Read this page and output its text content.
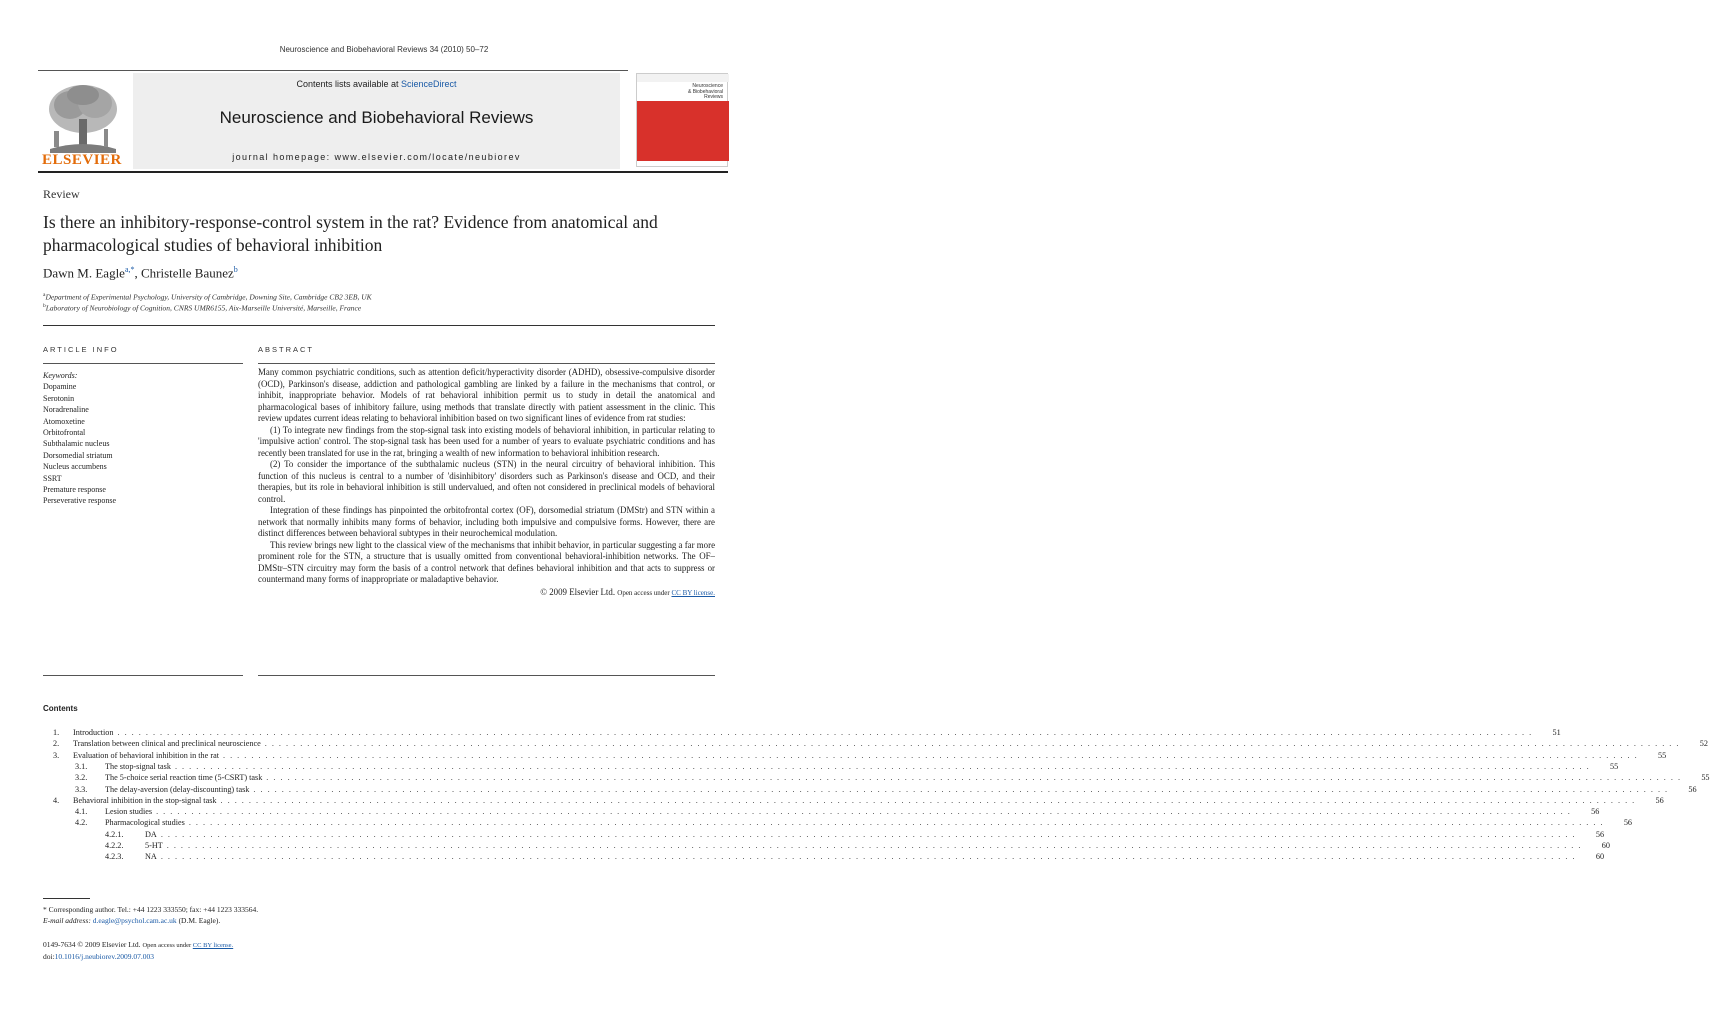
Neuroscience and Biobehavioral Reviews 34 (2010) 50–72
ELSEVIER
Contents lists available at ScienceDirect
Neuroscience and Biobehavioral Reviews
journal homepage: www.elsevier.com/locate/neubiorev
Neuroscience
& Biobehavioral
Reviews
Review
Is there an inhibitory-response-control system in the rat? Evidence from anatomical and pharmacological studies of behavioral inhibition
Dawn M. Eagle$^{a,*}$, Christelle Baunez$^b$
$^a$Department of Experimental Psychology, University of Cambridge, Downing Site, Cambridge CB2 3EB, UK
$^b$Laboratory of Neurobiology of Cognition, CNRS UMR6155, Aix-Marseille Université, Marseille, France
ARTICLE INFO	ABSTRACT
Keywords:
Dopamine
Serotonin
Noradrenaline
Atomoxetine
Orbitofrontal
Subthalamic nucleus
Dorsomedial striatum
Nucleus accumbens
SSRT
Premature response
Perseverative response

Many common psychiatric conditions, such as attention deficit/hyperactivity disorder (ADHD), obsessive-compulsive disorder (OCD), Parkinson's disease, addiction and pathological gambling are linked by a failure in the mechanisms that control, or inhibit, inappropriate behavior. Models of rat behavioral inhibition permit us to study in detail the anatomical and pharmacological bases of inhibitory failure, using methods that translate directly with patient assessment in the clinic. This review updates current ideas relating to behavioral inhibition based on two significant lines of evidence from rat studies:

(1) To integrate new findings from the stop-signal task into existing models of behavioral inhibition, in particular relating to 'impulsive action' control. The stop-signal task has been used for a number of years to evaluate psychiatric conditions and has recently been translated for use in the rat, bringing a wealth of new information to behavioral inhibition research.

(2) To consider the importance of the subthalamic nucleus (STN) in the neural circuitry of behavioral inhibition. This function of this nucleus is central to a number of 'disinhibitory' disorders such as Parkinson's disease and OCD, and their therapies, but its role in behavioral inhibition is still undervalued, and often not considered in preclinical models of behavioral control.

Integration of these findings has pinpointed the orbitofrontal cortex (OF), dorsomedial striatum (DMStr) and STN within a network that normally inhibits many forms of behavior, including both impulsive and compulsive forms. However, there are distinct differences between behavioral subtypes in their neurochemical modulation.

This review brings new light to the classical view of the mechanisms that inhibit behavior, in particular suggesting a far more prominent role for the STN, a structure that is usually omitted from conventional behavioral-inhibition networks. The OF–DMStr–STN circuitry may form the basis of a control network that defines behavioral inhibition and that acts to suppress or countermand many forms of inappropriate or maladaptive behavior.

© 2009 Elsevier Ltd. Open access under CC BY license.
Contents
1.	Introduction . . . . . . . . . . . . . . . . . . . . . . . . . . . . . . . . . . . . . . . . . . . . . . . . . . . . . . . . . . . . . . . . . . . . . . . . . . . . . . . . . . . . . . . . . . . . . . . . . . . . . . . . . . . . . . . . . . . . . . . . . . . . . . . . . . . . . . . . . . . . . . . . . . . . . . . . . . . . . . . . . . . . . . . . . . . . . . . . . . . . . . . . . . . . . . . . . . . . . . . .	51
2.	Translation between clinical and preclinical neuroscience . . . . . . . . . . . . . . . . . . . . . . . . . . . . . . . . . . . . . . . . . . . . . . . . . . . . . . . . . . . . . . . . . . . . . . . . . . . . . . . . . . . . . . . . . . . . . . . . . . . . . . . . . . . . . . . . . . . . . . . . . . . . . . . . . . . . . . . . . . . . . . . . . . . . . . . . . . . . . . . . . . . . . . . . . . . . . . . . . . . . . . . . . . . . . . . . . . . . . . . .	52
3.	Evaluation of behavioral inhibition in the rat . . . . . . . . . . . . . . . . . . . . . . . . . . . . . . . . . . . . . . . . . . . . . . . . . . . . . . . . . . . . . . . . . . . . . . . . . . . . . . . . . . . . . . . . . . . . . . . . . . . . . . . . . . . . . . . . . . . . . . . . . . . . . . . . . . . . . . . . . . . . . . . . . . . . . . . . . . . . . . . . . . . . . . . . . . . . . . . . . . . . . . . . . . . . . . . . . . . . . . . .	55
3.1.	The stop-signal task . . . . . . . . . . . . . . . . . . . . . . . . . . . . . . . . . . . . . . . . . . . . . . . . . . . . . . . . . . . . . . . . . . . . . . . . . . . . . . . . . . . . . . . . . . . . . . . . . . . . . . . . . . . . . . . . . . . . . . . . . . . . . . . . . . . . . . . . . . . . . . . . . . . . . . . . . . . . . . . . . . . . . . . . . . . . . . . . . . . . . . . . . . . . . . . . . . . . . . . .	55
3.2.	The 5-choice serial reaction time (5-CSRT) task . . . . . . . . . . . . . . . . . . . . . . . . . . . . . . . . . . . . . . . . . . . . . . . . . . . . . . . . . . . . . . . . . . . . . . . . . . . . . . . . . . . . . . . . . . . . . . . . . . . . . . . . . . . . . . . . . . . . . . . . . . . . . . . . . . . . . . . . . . . . . . . . . . . . . . . . . . . . . . . . . . . . . . . . . . . . . . . . . . . . . . . . . . . . . . . . . . . . . . . .	55
3.3.	The delay-aversion (delay-discounting) task . . . . . . . . . . . . . . . . . . . . . . . . . . . . . . . . . . . . . . . . . . . . . . . . . . . . . . . . . . . . . . . . . . . . . . . . . . . . . . . . . . . . . . . . . . . . . . . . . . . . . . . . . . . . . . . . . . . . . . . . . . . . . . . . . . . . . . . . . . . . . . . . . . . . . . . . . . . . . . . . . . . . . . . . . . . . . . . . . . . . . . . . . . . . . . . . . . . . . . . .	56
4.	Behavioral inhibition in the stop-signal task . . . . . . . . . . . . . . . . . . . . . . . . . . . . . . . . . . . . . . . . . . . . . . . . . . . . . . . . . . . . . . . . . . . . . . . . . . . . . . . . . . . . . . . . . . . . . . . . . . . . . . . . . . . . . . . . . . . . . . . . . . . . . . . . . . . . . . . . . . . . . . . . . . . . . . . . . . . . . . . . . . . . . . . . . . . . . . . . . . . . . . . . . . . . . . . . . . . . . . . .	56
4.1.	Lesion studies . . . . . . . . . . . . . . . . . . . . . . . . . . . . . . . . . . . . . . . . . . . . . . . . . . . . . . . . . . . . . . . . . . . . . . . . . . . . . . . . . . . . . . . . . . . . . . . . . . . . . . . . . . . . . . . . . . . . . . . . . . . . . . . . . . . . . . . . . . . . . . . . . . . . . . . . . . . . . . . . . . . . . . . . . . . . . . . . . . . . . . . . . . . . . . . . . . . . . . . .	56
4.2.	Pharmacological studies . . . . . . . . . . . . . . . . . . . . . . . . . . . . . . . . . . . . . . . . . . . . . . . . . . . . . . . . . . . . . . . . . . . . . . . . . . . . . . . . . . . . . . . . . . . . . . . . . . . . . . . . . . . . . . . . . . . . . . . . . . . . . . . . . . . . . . . . . . . . . . . . . . . . . . . . . . . . . . . . . . . . . . . . . . . . . . . . . . . . . . . . . . . . . . . . . . . . . . . .	56
4.2.1.	DA . . . . . . . . . . . . . . . . . . . . . . . . . . . . . . . . . . . . . . . . . . . . . . . . . . . . . . . . . . . . . . . . . . . . . . . . . . . . . . . . . . . . . . . . . . . . . . . . . . . . . . . . . . . . . . . . . . . . . . . . . . . . . . . . . . . . . . . . . . . . . . . . . . . . . . . . . . . . . . . . . . . . . . . . . . . . . . . . . . . . . . . . . . . . . . . . . . . . . . . .	56
4.2.2.	5-HT . . . . . . . . . . . . . . . . . . . . . . . . . . . . . . . . . . . . . . . . . . . . . . . . . . . . . . . . . . . . . . . . . . . . . . . . . . . . . . . . . . . . . . . . . . . . . . . . . . . . . . . . . . . . . . . . . . . . . . . . . . . . . . . . . . . . . . . . . . . . . . . . . . . . . . . . . . . . . . . . . . . . . . . . . . . . . . . . . . . . . . . . . . . . . . . . . . . . . . . .	60
4.2.3.	NA . . . . . . . . . . . . . . . . . . . . . . . . . . . . . . . . . . . . . . . . . . . . . . . . . . . . . . . . . . . . . . . . . . . . . . . . . . . . . . . . . . . . . . . . . . . . . . . . . . . . . . . . . . . . . . . . . . . . . . . . . . . . . . . . . . . . . . . . . . . . . . . . . . . . . . . . . . . . . . . . . . . . . . . . . . . . . . . . . . . . . . . . . . . . . . . . . . . . . . . .	60
* Corresponding author. Tel.: +44 1223 333550; fax: +44 1223 333564.
E-mail address: d.eagle@psychol.cam.ac.uk (D.M. Eagle).
0149-7634 © 2009 Elsevier Ltd. Open access under CC BY license.
doi:10.1016/j.neubiorev.2009.07.003
